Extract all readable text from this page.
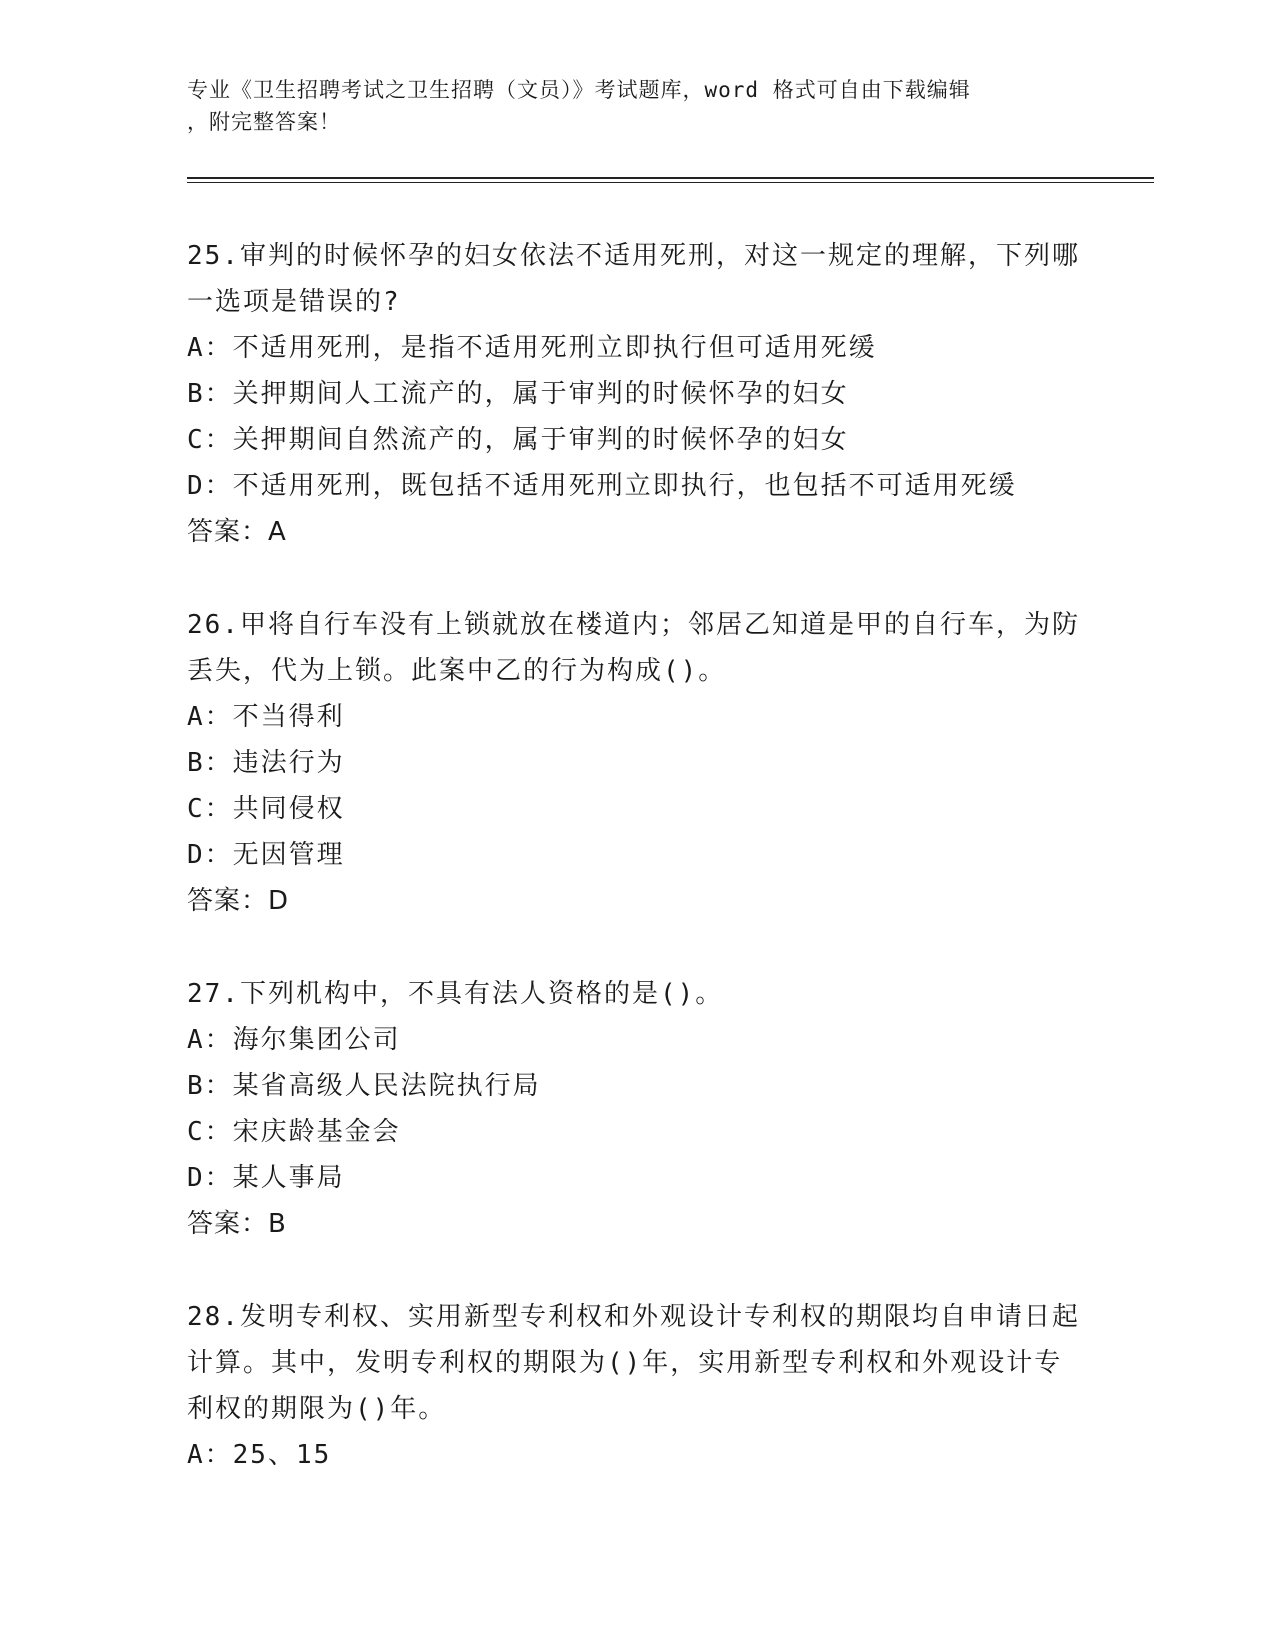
专业《卫生招聘考试之卫生招聘（文员）》考试题库，word 格式可自由下载编辑
，附完整答案！
25.审判的时候怀孕的妇女依法不适用死刑，对这一规定的理解，下列哪一选项是错误的?
A：不适用死刑，是指不适用死刑立即执行但可适用死缓
B：关押期间人工流产的，属于审判的时候怀孕的妇女
C：关押期间自然流产的，属于审判的时候怀孕的妇女
D：不适用死刑，既包括不适用死刑立即执行，也包括不可适用死缓
答案：A
26.甲将自行车没有上锁就放在楼道内；邻居乙知道是甲的自行车，为防丢失，代为上锁。此案中乙的行为构成()。
A：不当得利
B：违法行为
C：共同侵权
D：无因管理
答案：D
27.下列机构中，不具有法人资格的是()。
A：海尔集团公司
B：某省高级人民法院执行局
C：宋庆龄基金会
D：某人事局
答案：B
28.发明专利权、实用新型专利权和外观设计专利权的期限均自申请日起计算。其中，发明专利权的期限为()年，实用新型专利权和外观设计专利权的期限为()年。
A：25、15
